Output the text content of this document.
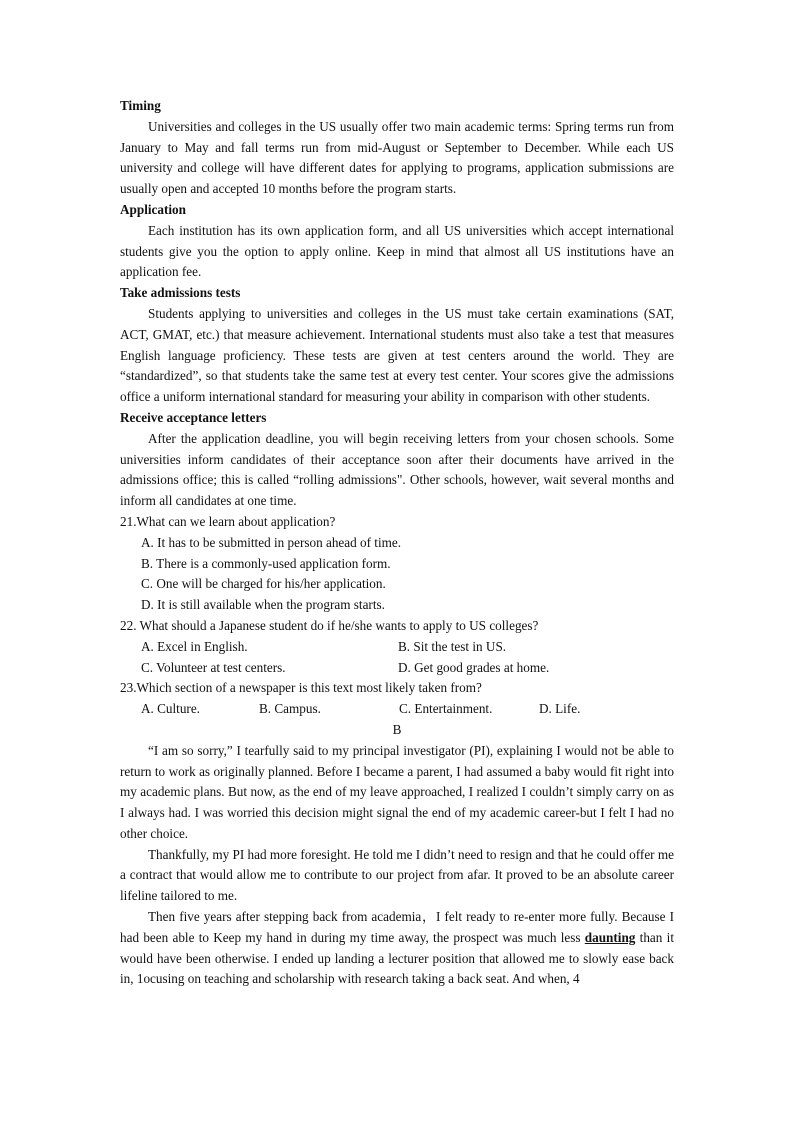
Timing

Universities and colleges in the US usually offer two main academic terms: Spring terms run from January to May and fall terms run from mid-August or September to December. While each US university and college will have different dates for applying to programs, application submissions are usually open and accepted 10 months before the program starts.

Application

Each institution has its own application form, and all US universities which accept international students give you the option to apply online. Keep in mind that almost all US institutions have an application fee.

Take admissions tests

Students applying to universities and colleges in the US must take certain examinations (SAT, ACT, GMAT, etc.) that measure achievement. International students must also take a test that measures English language proficiency. These tests are given at test centers around the world. They are “standardized”, so that students take the same test at every test center. Your scores give the admissions office a uniform international standard for measuring your ability in comparison with other students.

Receive acceptance letters

After the application deadline, you will begin receiving letters from your chosen schools. Some universities inform candidates of their acceptance soon after their documents have arrived in the admissions office; this is called “rolling admissions". Other schools, however, wait several months and inform all candidates at one time.

21.What can we learn about application?
A. It has to be submitted in person ahead of time.
B. There is a commonly-used application form.
C. One will be charged for his/her application.
D. It is still available when the program starts.
22. What should a Japanese student do if he/she wants to apply to US colleges?
A. Excel in English.	B. Sit the test in US.
C. Volunteer at test centers.	D. Get good grades at home.
23.Which section of a newspaper is this text most likely taken from?
A. Culture.	B. Campus.	C. Entertainment.	D. Life.
B

“I am so sorry,” I tearfully said to my principal investigator (PI), explaining I would not be able to return to work as originally planned. Before I became a parent, I had assumed a baby would fit right into my academic plans. But now, as the end of my leave approached, I realized I couldn’t simply carry on as I always had. I was worried this decision might signal the end of my academic career-but I felt I had no other choice.

Thankfully, my PI had more foresight. He told me I didn’t need to resign and that he could offer me a contract that would allow me to contribute to our project from afar. It proved to be an absolute career lifeline tailored to me.

Then five years after stepping back from academia，I felt ready to re-enter more fully. Because I had been able to Keep my hand in during my time away, the prospect was much less daunting than it would have been otherwise. I ended up landing a lecturer position that allowed me to slowly ease back in, 1ocusing on teaching and scholarship with research taking a back seat. And when, 4
